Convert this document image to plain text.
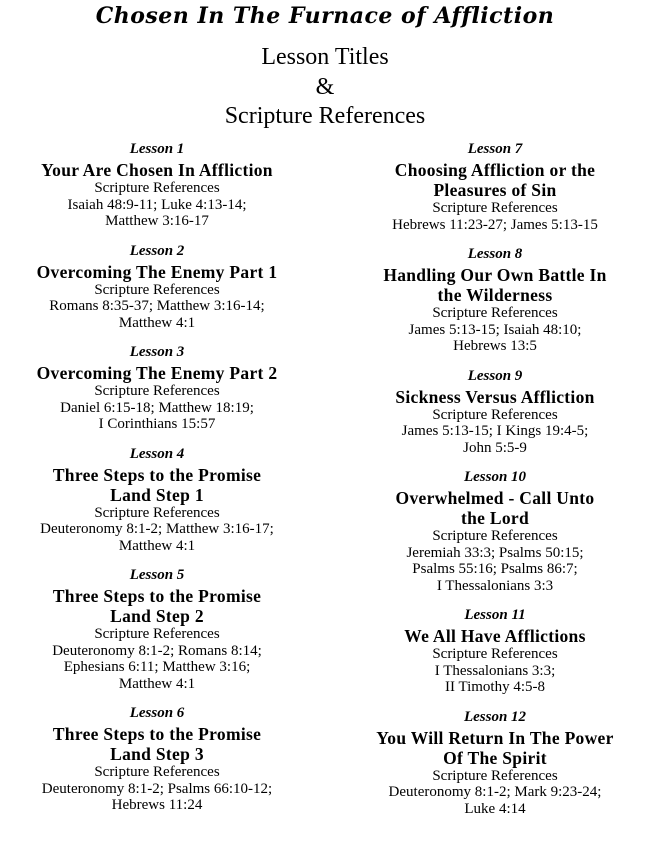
Chosen In The Furnace of Affliction
Lesson Titles
&
Scripture References
Lesson 1
Your Are Chosen In Affliction
Scripture References
Isaiah 48:9-11; Luke 4:13-14;
Matthew 3:16-17
Lesson 2
Overcoming The Enemy Part 1
Scripture References
Romans 8:35-37; Matthew 3:16-14;
Matthew 4:1
Lesson 3
Overcoming The Enemy Part 2
Scripture References
Daniel 6:15-18; Matthew 18:19;
I Corinthians 15:57
Lesson 4
Three Steps to the Promise
Land Step 1
Scripture References
Deuteronomy 8:1-2; Matthew 3:16-17;
Matthew 4:1
Lesson 5
Three Steps to the Promise
Land Step 2
Scripture References
Deuteronomy 8:1-2; Romans 8:14;
Ephesians 6:11; Matthew 3:16;
Matthew 4:1
Lesson 6
Three Steps to the Promise
Land Step 3
Scripture References
Deuteronomy 8:1-2; Psalms 66:10-12;
Hebrews 11:24
Lesson 7
Choosing Affliction or the
Pleasures of Sin
Scripture References
Hebrews 11:23-27; James 5:13-15
Lesson 8
Handling Our Own Battle In
the Wilderness
Scripture References
James 5:13-15; Isaiah 48:10;
Hebrews 13:5
Lesson 9
Sickness Versus Affliction
Scripture References
James 5:13-15; I Kings 19:4-5;
John 5:5-9
Lesson 10
Overwhelmed - Call Unto
the Lord
Scripture References
Jeremiah 33:3; Psalms 50:15;
Psalms 55:16; Psalms 86:7;
I Thessalonians 3:3
Lesson 11
We All Have Afflictions
Scripture References
I Thessalonians 3:3;
II Timothy 4:5-8
Lesson 12
You Will Return In The Power
Of The Spirit
Scripture References
Deuteronomy 8:1-2; Mark 9:23-24;
Luke 4:14
